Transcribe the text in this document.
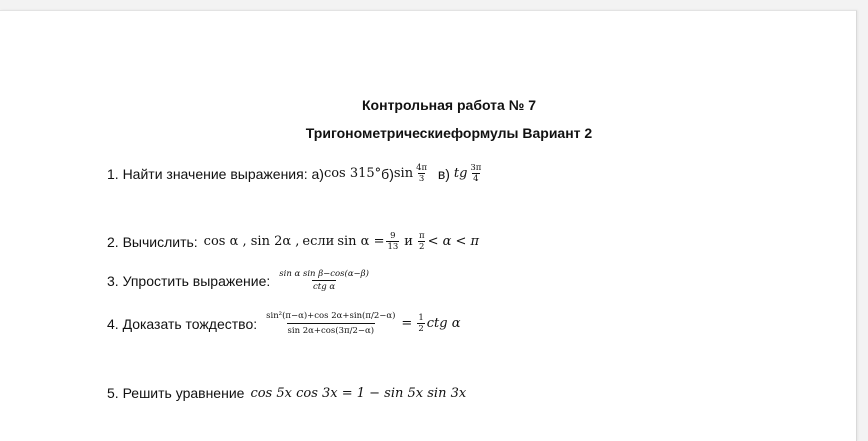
Контрольная работа № 7
Тригонометрическиеформулы Вариант 2
1. Найти значение выражения: а) cos 315° б) $\sin \frac{4\pi}{3} в$) tg $\frac{3\pi}{4}$
2. Вычислить: cos α , sin 2α , если $\sin \alpha = \frac{9}{13}$ и $\frac{\pi}{2} < \alpha < \pi$
3. Упростить выражение: $\frac{\text{sin α sin β−cos(α−β)}}{\text{ctg α}}$
4. Доказать тождество: $\frac{\text{sin²(π−α)+cos 2α+sin(π/2−α)}}{\sin 2\alpha+\cos(3\pi/2-\alpha)} = \frac{1}{2}$ ctg α
5. Решить уравнение cos 5x cos 3x = 1 − sin 5x sin 3x
